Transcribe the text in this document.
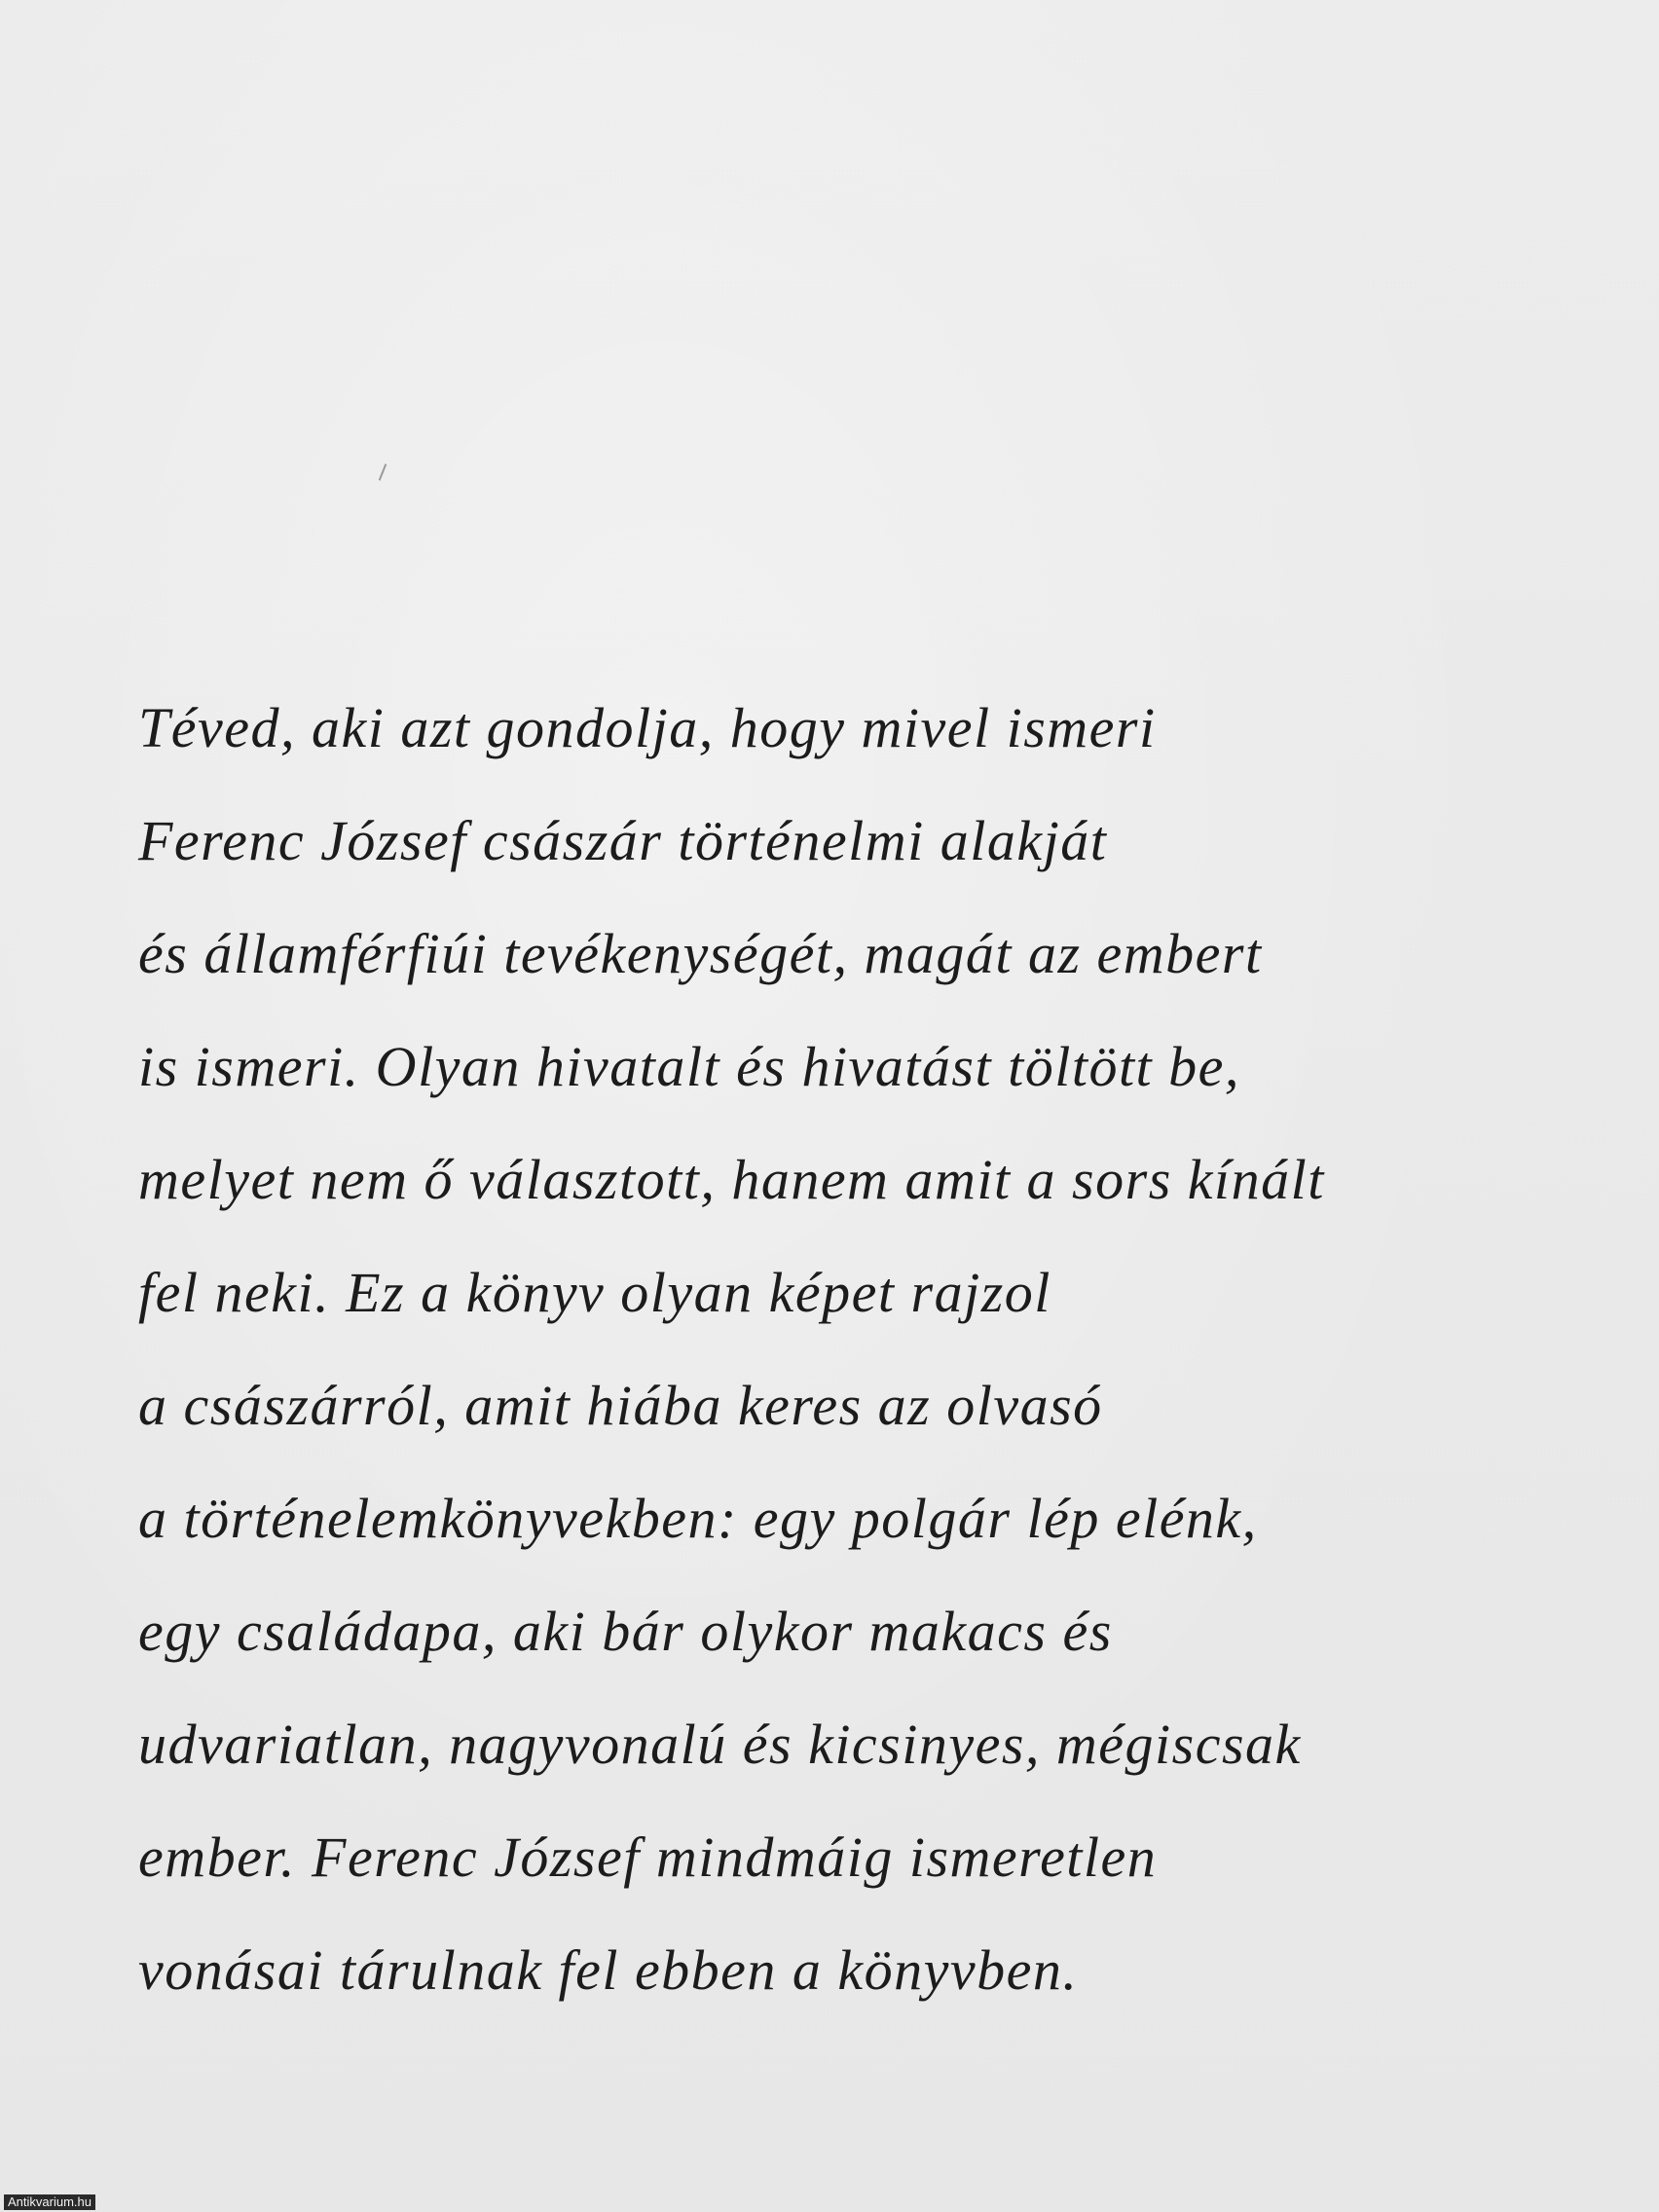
Téved, aki azt gondolja, hogy mivel ismeri
Ferenc József császár történelmi alakját
és államférfiúi tevékenységét, magát az embert
is ismeri. Olyan hivatalt és hivatást töltött be,
melyet nem ő választott, hanem amit a sors kínált
fel neki. Ez a könyv olyan képet rajzol
a császárról, amit hiába keres az olvasó
a történelemkönyvekben: egy polgár lép elénk,
egy családapa, aki bár olykor makacs és
udvariatlan, nagyvonalú és kicsinyes, mégiscsak
ember. Ferenc József mindmáig ismeretlen
vonásai tárulnak fel ebben a könyvben.
Antikvarium.hu
